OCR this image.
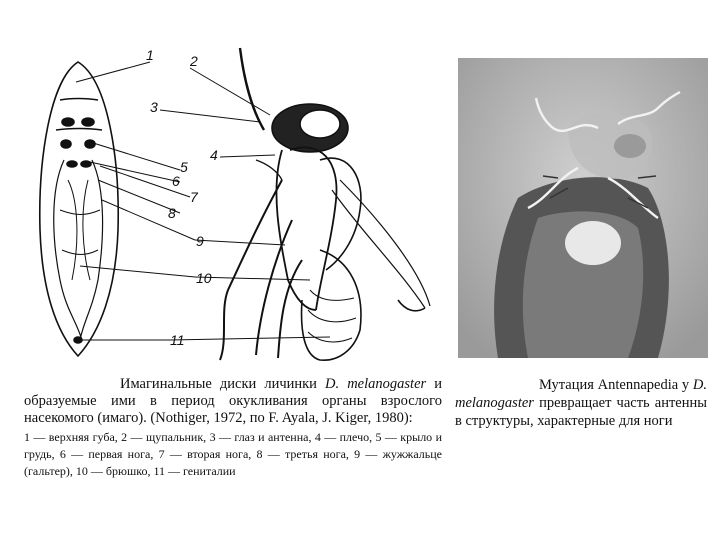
1	2
3
4
5
6
7
8
9
10
11

Имагинальные диски личинки D. melanogaster и образуемые ими в период окукливания органы взрослого насекомого (имаго). (Nothiger, 1972, по F. Ayala, J. Kiger, 1980):

1 — верхняя губа, 2 — щупальник, 3 — глаз и антенна, 4 — плечо, 5 — крыло и грудь, 6 — первая нога, 7 — вторая нога, 8 — третья нога, 9 — жужжальце (гальтер), 10 — брюшко, 11 — гениталии

Мутация Antennapedia у D. melanogaster превращает часть антенны в структуры, характерные для ноги
